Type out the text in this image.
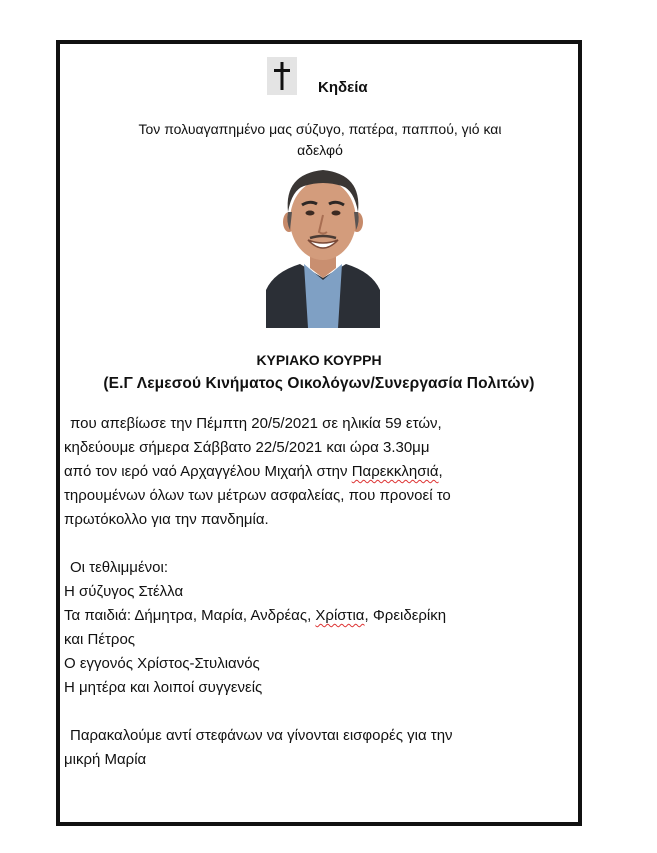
Κηδεία
Τον πολυαγαπημένο μας σύζυγο, πατέρα, παππού, γιό και
αδελφό
ΚΥΡΙΑΚΟ ΚΟΥΡΡΗ
(Ε.Γ Λεμεσού Κινήματος Οικολόγων/Συνεργασία Πολιτών)
που απεβίωσε την Πέμπτη 20/5/2021 σε ηλικία 59 ετών,
κηδεύουμε σήμερα Σάββατο 22/5/2021 και ώρα 3.30μμ
από τον ιερό ναό Αρχαγγέλου Μιχαήλ στην Παρεκκλησιά,
τηρουμένων όλων των μέτρων ασφαλείας, που προνοεί το
πρωτόκολλο για την πανδημία.
Οι τεθλιμμένοι:
Η σύζυγος Στέλλα
Τα παιδιά: Δήμητρα, Μαρία, Ανδρέας, Χρίστια, Φρειδερίκη
και Πέτρος
Ο εγγονός Χρίστος-Στυλιανός
Η μητέρα και λοιποί συγγενείς
Παρακαλούμε αντί στεφάνων να γίνονται εισφορές για την
μικρή Μαρία
